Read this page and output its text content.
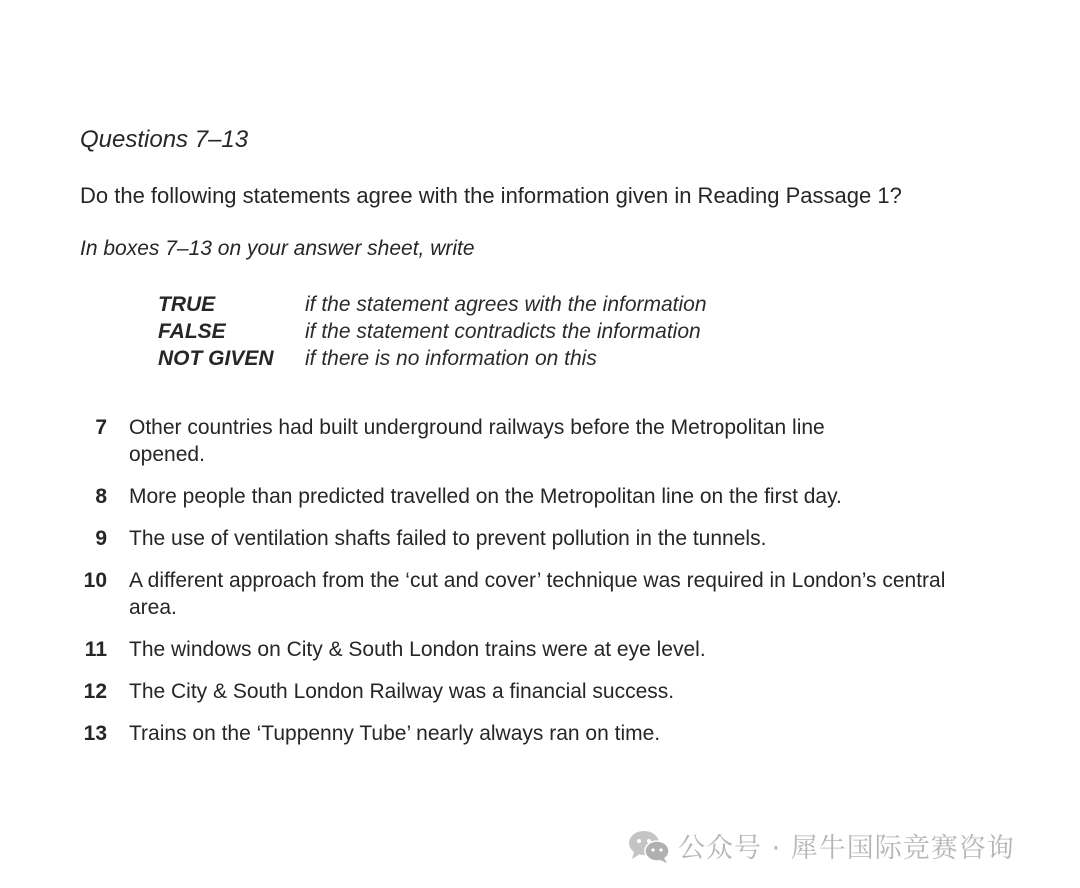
Questions 7–13
Do the following statements agree with the information given in Reading Passage 1?
In boxes 7–13 on your answer sheet, write
TRUE	if the statement agrees with the information
FALSE	if the statement contradicts the information
NOT GIVEN	if there is no information on this
7	Other countries had built underground railways before the Metropolitan line opened.
8	More people than predicted travelled on the Metropolitan line on the first day.
9	The use of ventilation shafts failed to prevent pollution in the tunnels.
10	A different approach from the ‘cut and cover’ technique was required in London’s central area.
11	The windows on City & South London trains were at eye level.
12	The City & South London Railway was a financial success.
13	Trains on the ‘Tuppenny Tube’ nearly always ran on time.
公众号 · 犀牛国际竞赛咨询
